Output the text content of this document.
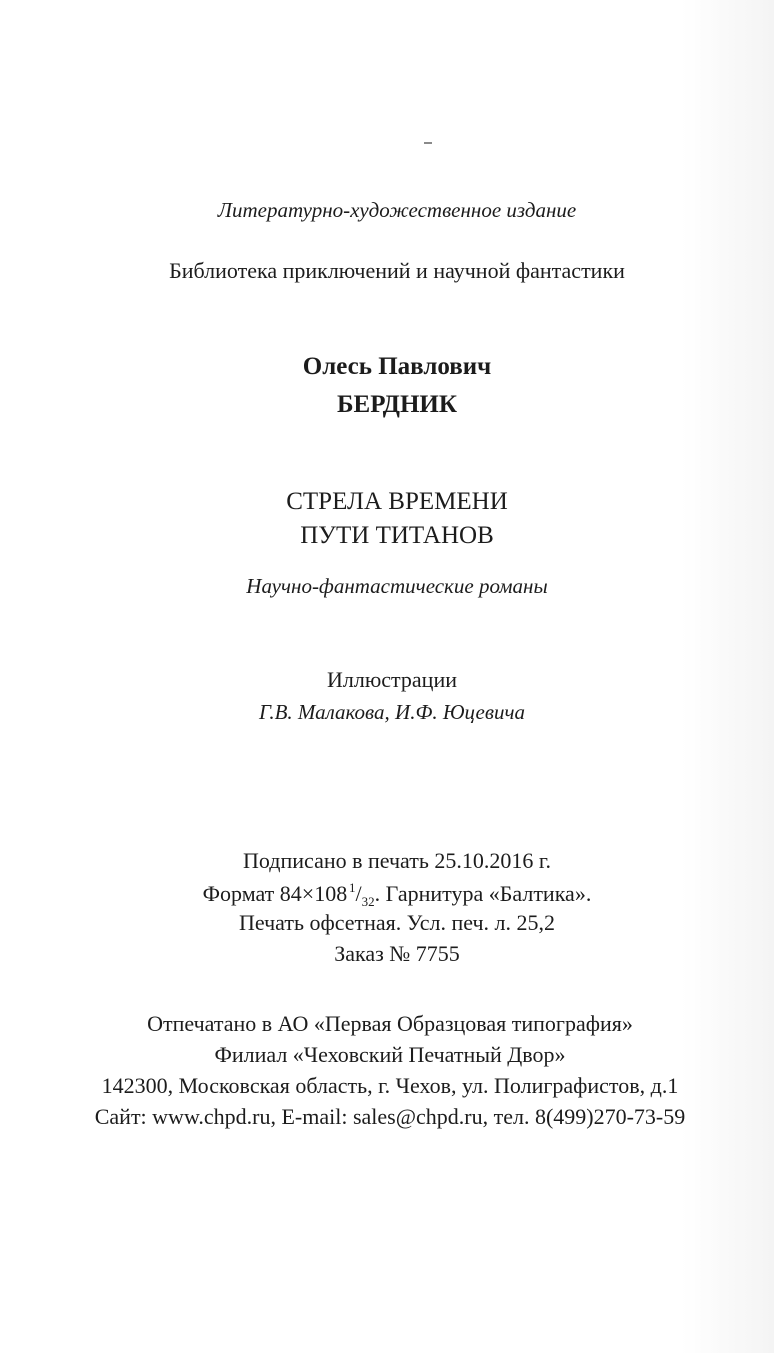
Литературно-художественное издание
Библиотека приключений и научной фантастики
Олесь Павлович
БЕРДНИК
СТРЕЛА ВРЕМЕНИ
ПУТИ ТИТАНОВ
Научно-фантастические романы
Иллюстрации
Г.В. Малакова, И.Ф. Юцевича
Подписано в печать 25.10.2016 г.
Формат 84×108  $^1/_{32}$. Гарнитура «Балтика».
Печать офсетная. Усл. печ. л. 25,2
Заказ № 7755
Отпечатано в АО «Первая Образцовая типография»
Филиал «Чеховский Печатный Двор»
142300, Московская область, г. Чехов, ул. Полиграфистов, д.1
Сайт: www.chpd.ru, E-mail: sales@chpd.ru, тел. 8(499)270-73-59
